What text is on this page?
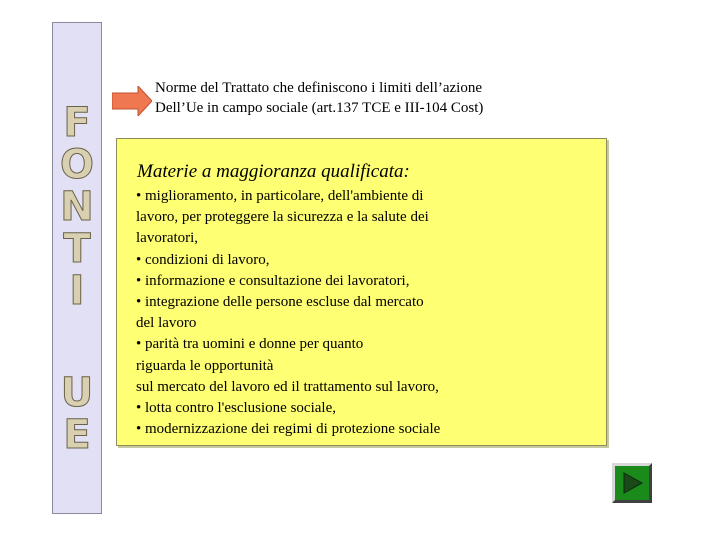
F
O
N
T
I
U
E
Norme del Trattato che definiscono i limiti dell’azione
Dell’Ue in campo sociale (art.137 TCE e III-104 Cost)
Materie a maggioranza qualificata:
• miglioramento, in particolare, dell'ambiente di
lavoro, per proteggere la sicurezza e la salute dei
lavoratori,
• condizioni di lavoro,
• informazione e consultazione dei lavoratori,
• integrazione delle persone escluse dal mercato
del lavoro
• parità tra uomini e donne per quanto
riguarda le opportunità
sul mercato del lavoro ed il trattamento sul lavoro,
• lotta contro l'esclusione sociale,
• modernizzazione dei regimi di protezione sociale
